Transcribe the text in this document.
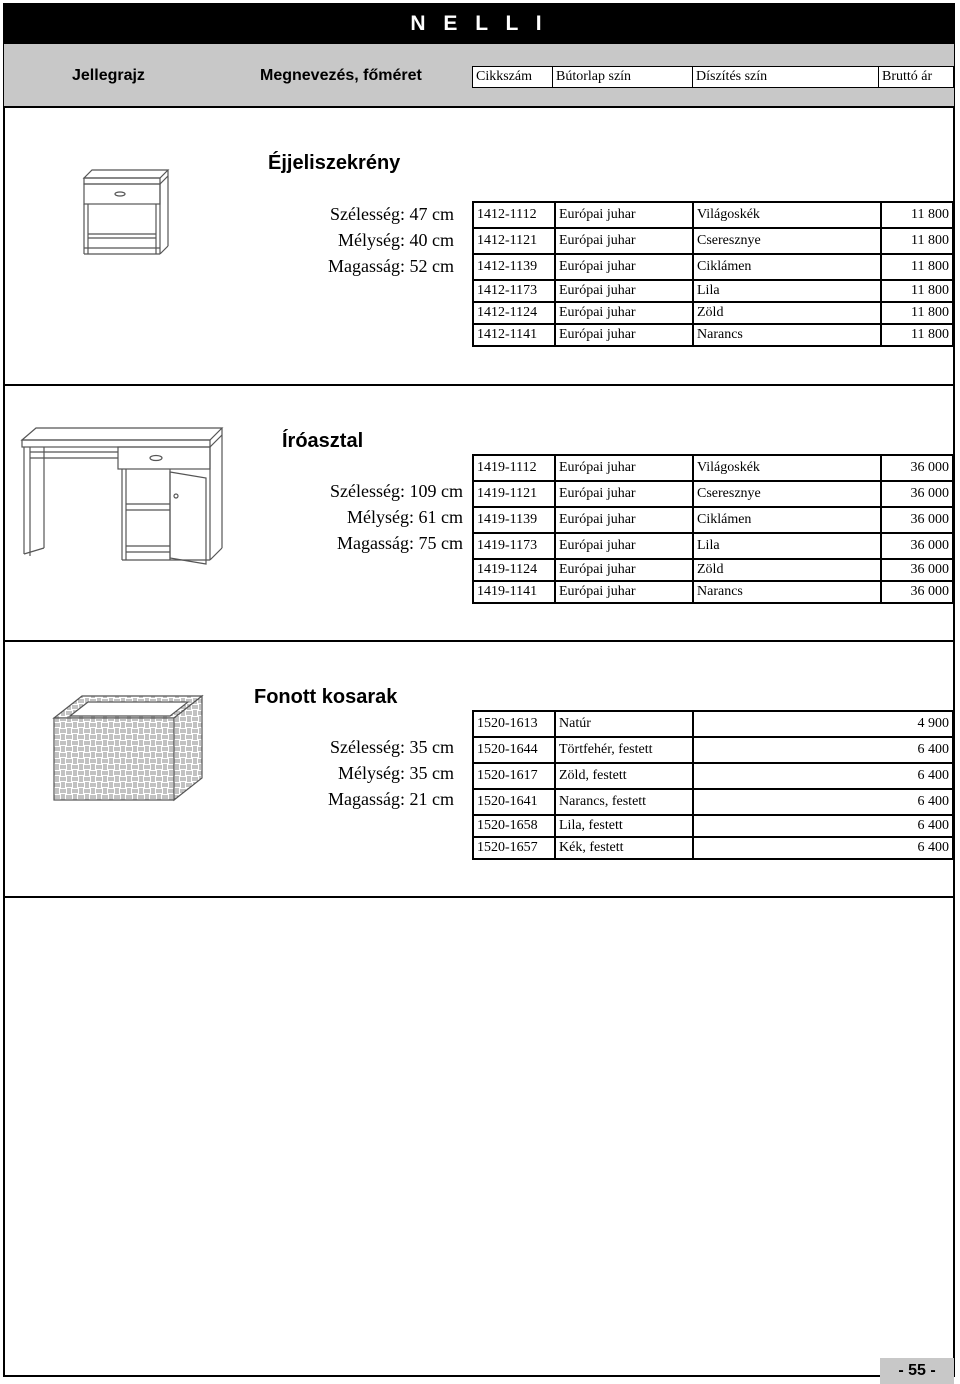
N E L L I
Jellegrajz	Megnevezés, főméret	Cikkszám	Bútorlap szín	Díszítés szín	Bruttó ár
Éjjeliszekrény
Szélesség: 47 cm
Mélység: 40 cm
Magasság: 52 cm
1412-1112	Európai juhar	Világoskék	11 800
1412-1121	Európai juhar	Cseresznye	11 800
1412-1139	Európai juhar	Ciklámen	11 800
1412-1173	Európai juhar	Lila	11 800
1412-1124	Európai juhar	Zöld	11 800
1412-1141	Európai juhar	Narancs	11 800
Íróasztal
Szélesség: 109 cm
Mélység: 61 cm
Magasság: 75 cm
1419-1112	Európai juhar	Világoskék	36 000
1419-1121	Európai juhar	Cseresznye	36 000
1419-1139	Európai juhar	Ciklámen	36 000
1419-1173	Európai juhar	Lila	36 000
1419-1124	Európai juhar	Zöld	36 000
1419-1141	Európai juhar	Narancs	36 000
Fonott kosarak
Szélesség: 35 cm
Mélység: 35 cm
Magasság: 21 cm
1520-1613	Natúr	4 900
1520-1644	Törtfehér, festett	6 400
1520-1617	Zöld, festett	6 400
1520-1641	Narancs, festett	6 400
1520-1658	Lila, festett	6 400
1520-1657	Kék, festett	6 400
- 55 -
